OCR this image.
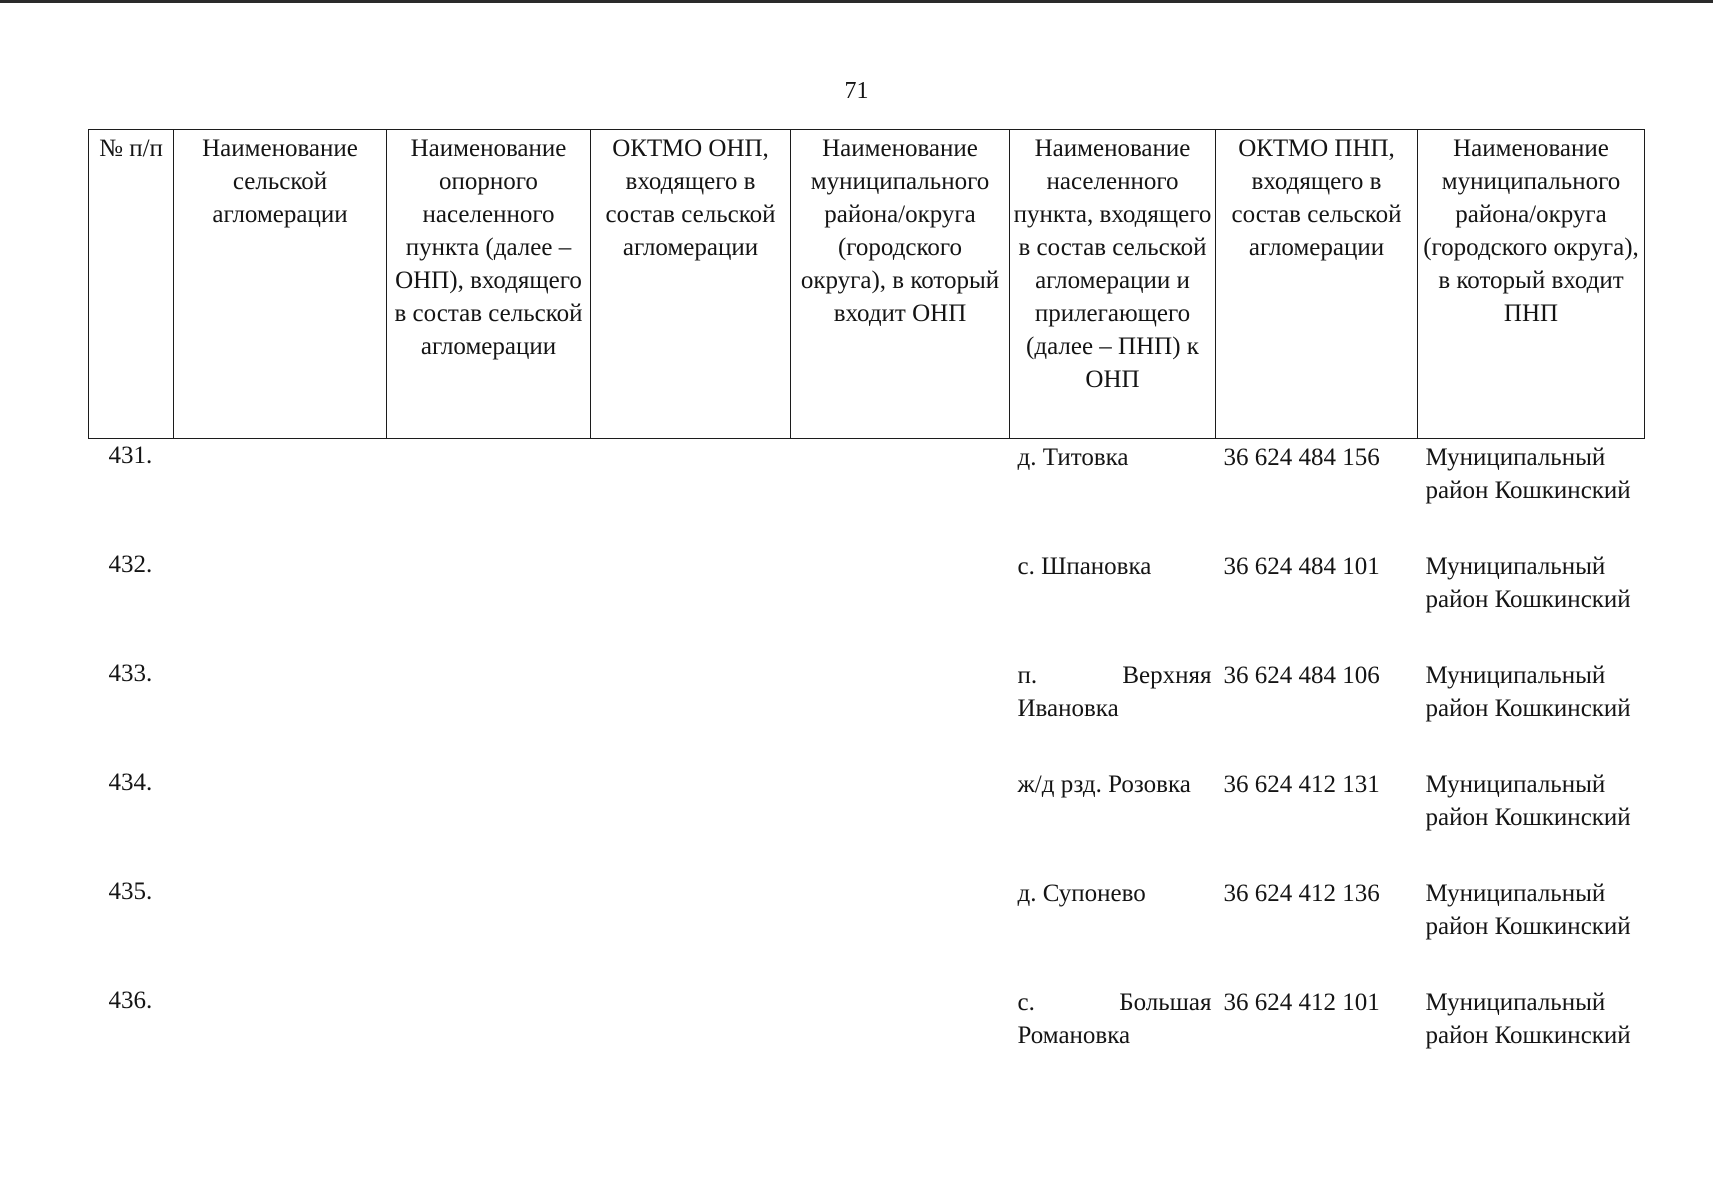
71
№ п/п	Наименование сельской агломерации	Наименование опорного населенного пункта (далее – ОНП), входящего в состав сельской агломерации	ОКТМО ОНП, входящего в состав сельской агломерации	Наименование муниципального района/округа (городского округа), в который входит ОНП	Наименование населенного пункта, входящего в состав сельской агломерации и прилегающего (далее – ПНП) к ОНП	ОКТМО ПНП, входящего в состав сельской агломерации	Наименование муниципального района/округа (городского округа), в который входит ПНП
431.					д. Титовка	36 624 484 156	Муниципальный район Кошкинский
432.					с. Шпановка	36 624 484 101	Муниципальный район Кошкинский
433.					п. Верхняя Ивановка	36 624 484 106	Муниципальный район Кошкинский
434.					ж/д рзд. Розовка	36 624 412 131	Муниципальный район Кошкинский
435.					д. Супонево	36 624 412 136	Муниципальный район Кошкинский
436.					с. Большая Романовка	36 624 412 101	Муниципальный район Кошкинский
